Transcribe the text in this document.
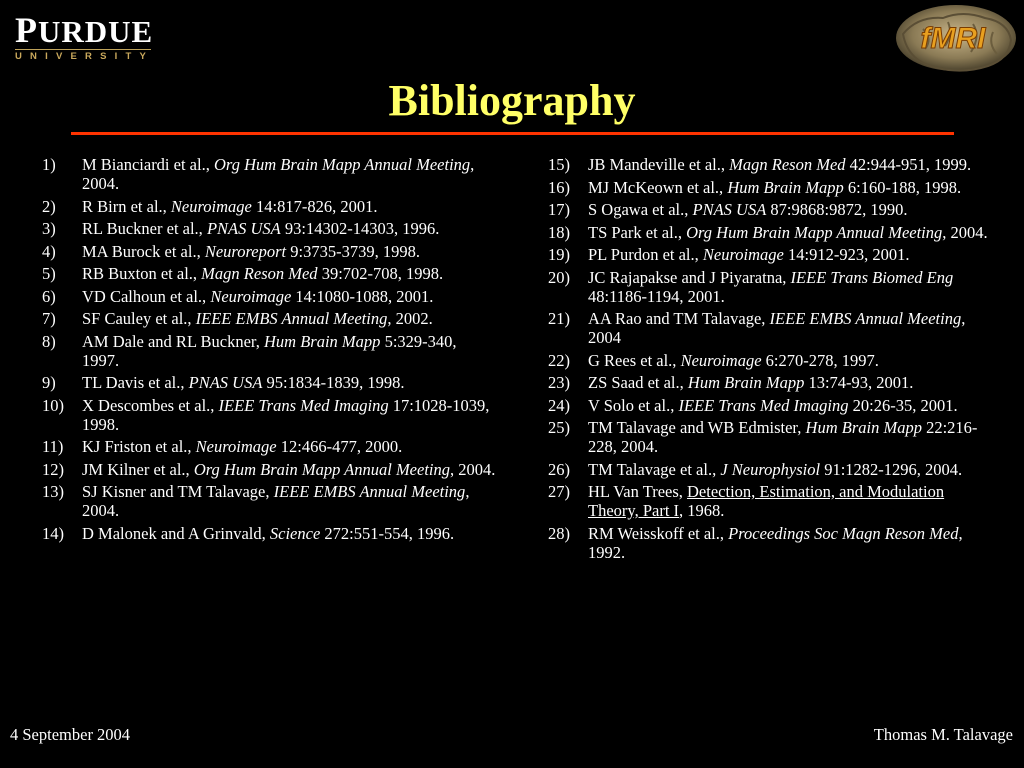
PURDUE
UNIVERSITY
fMRI
Bibliography
1) M Bianciardi et al., Org Hum Brain Mapp Annual Meeting, 2004.
2) R Birn et al., Neuroimage 14:817-826, 2001.
3) RL Buckner et al., PNAS USA 93:14302-14303, 1996.
4) MA Burock et al., Neuroreport 9:3735-3739, 1998.
5) RB Buxton et al., Magn Reson Med 39:702-708, 1998.
6) VD Calhoun et al., Neuroimage 14:1080-1088, 2001.
7) SF Cauley et al., IEEE EMBS Annual Meeting, 2002.
8) AM Dale and RL Buckner, Hum Brain Mapp 5:329-340, 1997.
9) TL Davis et al., PNAS USA 95:1834-1839, 1998.
10) X Descombes et al., IEEE Trans Med Imaging 17:1028-1039, 1998.
11) KJ Friston et al., Neuroimage 12:466-477, 2000.
12) JM Kilner et al., Org Hum Brain Mapp Annual Meeting, 2004.
13) SJ Kisner and TM Talavage, IEEE EMBS Annual Meeting, 2004.
14) D Malonek and A Grinvald, Science 272:551-554, 1996.
15) JB Mandeville et al., Magn Reson Med 42:944-951, 1999.
16) MJ McKeown et al., Hum Brain Mapp 6:160-188, 1998.
17) S Ogawa et al., PNAS USA 87:9868:9872, 1990.
18) TS Park et al., Org Hum Brain Mapp Annual Meeting, 2004.
19) PL Purdon et al., Neuroimage 14:912-923, 2001.
20) JC Rajapakse and J Piyaratna, IEEE Trans Biomed Eng 48:1186-1194, 2001.
21) AA Rao and TM Talavage, IEEE EMBS Annual Meeting, 2004
22) G Rees et al., Neuroimage 6:270-278, 1997.
23) ZS Saad et al., Hum Brain Mapp 13:74-93, 2001.
24) V Solo et al., IEEE Trans Med Imaging 20:26-35, 2001.
25) TM Talavage and WB Edmister, Hum Brain Mapp 22:216-228, 2004.
26) TM Talavage et al., J Neurophysiol 91:1282-1296, 2004.
27) HL Van Trees, Detection, Estimation, and Modulation Theory, Part I, 1968.
28) RM Weisskoff et al., Proceedings Soc Magn Reson Med, 1992.
4 September 2004	Thomas M. Talavage
